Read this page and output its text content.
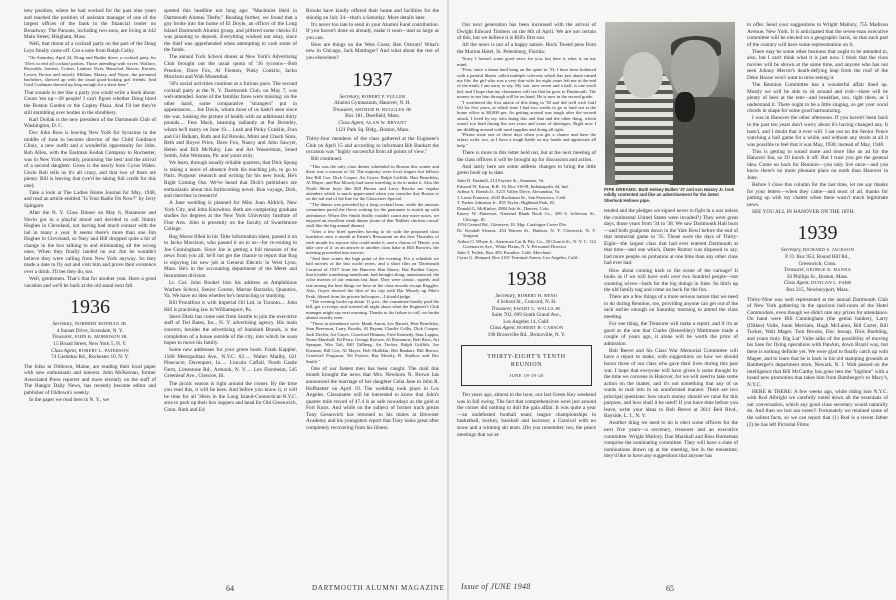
new position, where he had worked for the past nine years and reached the position of assistant manager of one of the largest offices of the bank in the financial center on Broadway. The Parsons, including two sons, are living at 442 Main Street, Hingham, Mass.

Well, that threat of a cocktail party on the part of the Doug Leys finally came off. Got a note from Ralph Colby.

"On Saturday, April 24, Doug and Ruthie threw a cocktail party for '35ers to end all cocktail parties. Those attending with wives: Wallace, Reynolds, Somers, Cotton, Latimer, Dyer, Rauschal, Rosow, Korsen, Lovett, Brown and myself, Millane, Mazzy, and Nayer, the perennial bachelors, showed up with the usual good-looking girl friends. And Gard Cushman showed up long enough for a short beer."

That sounds to me like a party you could write a book about. Count 'em up—30 people! I can't figure whether Doug hired the Boston Garden or the Copley Plaza. And I'll bet they're still stumbling over bodies in the shrubbery.

Karl Dollak is the new president of the Dartmouth Club of Washington, D. C.

Doc John Ross is leaving New York for Syracuse in the middle of June to become director of the Child Guidance Clinic, a new outfit and a wonderful opportunity for John. Bob Allen, with the Eastman Kodak Company in Rochester, was in New York recently, promising 'the best' and the arrival of a second daughter. Gross is the newly born Cyrus Wales. Uncle Bob tells us it's all crazy, and that two of them are plenty. Bill is leaving that (we'd be taking full credit for this one).

Take a look at The Ladies Home Journal for May, 1948, and read an article entitled "Is Your Radio On Now?" by Jerry Spingarn.

After the N. Y. Class Dinner on May 6, Naramore and Nevin got in a playful mood and decided to call Jimmy Hughes in Cleveland, not having had much contact with the lad in many a year. It seems there's more than one Jim Hughes in Cleveland, so Nary and Bill dropped quite a bit of change in the box talking to and eliminating all the wrong ones. When they finally landed on our Jim he wouldn't believe they were calling from New York anyway. So they made a date to fly out and visit him and prove their existence over a drink. I'll bet they do, too.

Well, gentlemen. That's that for another year. Have a good vacation and we'll be back at the old stand next fall.

1936
Secretary, NORBERT HOFMAN JR.
4 Sunset Drive, Scarsdale, N. Y.
Treasurer, JOHN K. MORRISON JR.
15 Broad Street, New York 5, N. Y.
Class Agent, ROBERT L. PATERSON
74 Castlebar Rd., Rochester 10, N. Y.

The folks in Oldtown, Maine, are reading their local paper with new enthusiasm and interest. John McKernan, former Associated Press reporter and more recently on the staff of The Bangor Daily News, has recently become editor and publisher of Oldtown's weekly.

In the paper we read here in N. Y., we

spotted this headline not long ago: "Machinist Held in Dartmouth Alumni Thefts." Reading further, we found that a guy broke into the home of El Doyle, an officer of the Long Island Dartmouth Alumni group, and pilfered some checks El was planning to deposit. Everything worked out okay, since the thief was apprehended when attempting to cash some of the funds.

The annual Tuck School dinner at New York's Advertising Club brought out the usual quota of '36 tycoons—Bob Prentice, Dave Fox, Al Flonton, Pinky Conklin, Jacko Morrison and Walt Mosenthal.

'36's social activities continue at a furious pace. The second cocktail party at the N. Y. Dartmouth Club, on May 7, was well-attended. Some of the familiar faces were missing; on the other hand, some comparative "strangers" put in appearances.... Joe Davis, whom most of us hadn't seen since the war, looking the picture of health with an additional thirty pounds.... Fess Mack, beaming radiantly at Pat Bromley, whom he'll marry on June 19.... Leah and Pinky Conklin, Fran and Gil Balkam, Ruth and Ed Brooks, Mimi and Chuck Sims, Beth and Boyce Price, Dave Fox, Nancy and John Sawyer, Helen and Bill McNulty, Lee and Art Wasserman, Smed Smith, John Weisman, Pic and yours truly.

We learn, through usually reliable quarters, that Dick Spong is taking a leave of absence from his teaching job, to go to Paris. Purpose: research and writing for his new book, He's Right Coming Out. We've heard that Dick's publishers are enthusiastic about this forthcoming novel. Bon voyage, Dick, and cherchez la research!

A June wedding is planned for Miss Joan Aldrich, New York City, and John Knowlton. Both are completing graduate studies for degrees at the New York University Institute of Fine Arts. John is presently on the faculty of Swarthmore College.

Rog Morse filled in his Tithe information sheet, passed it on to Jacko Morrison, who passed it on to us—for re-routing to Joe Cunningham. Since Joe is getting a full measure of the news from you all, he'll not get the chance to report that Rog is enjoying his new job at General Electric in West Lynn, Mass. He's in the accounting department of the Meter and Instrument division.

Lt. Col. John Bouker lists his address as Amphibious Warfare School, Senior Course, Marine Barracks, Quantico, Va. We have no idea whether he's instructing or studying.

Bill Proudfoot is with Imperial Oil Ltd. in Toronto.... John Hill is practising law in Williamsport, Pa.

Steve Dietz has come east from Seattle to join the executive staff of Ted Bates, Inc., N. Y. advertising agency. His main concern, besides the advertising of Standard Brands, is the completion of a house outside of the city, into which he soon hopes to move his family.

Some new addresses for your green book: Frank Kappler, 1568 Metropolitan Ave., N.Y.C. 62..... Walter Mailby, 621 Pinecacre, Davenport, Ia..... Lincoln Caffall, North Castle Farm, Limestone Rd., Armonk, N. Y..... Len Florsheim, 545 Greenleaf Ave., Glencoe, Ill.

The picnic season is right around the corner. By the time you read this, it will be here. And before you know it, it will be time for all '36ers in the Long Island-Connecticut-N.Y.C. area to pack up their box suppers and head for Old Greenwich, Conn. Ruth and Ed

Brooks have kindly offered their home and facilities for the shindig on July 24—that's a Saturday. More details later.

It's never too late to send in your Alumni Fund contribution. If you haven't done so already, make it soon—and as large as you can.

How are things on the West Coast, Ren Ostrom? What's new in Chicago, Jack Mattinger? And what about the rest of you elsewhere?

1937
Secretary, ROBERT P. FULLER
Alumni Gymnasium, Hanover, N. H.
Treasurer, ARTHUR H. RUGGLES JR.
Box 181, Deerfield, Mass.
Class Agent, ALAN W. BRYANT
1121 Park Sq. Bldg., Boston, Mass.

Thirty-four members of the class gathered at the Engineer's Club on April 15 and according to informant Bib Bankart the occasion was "highly successful from all points of view."

Bib continued.

"This was the only class dinner scheduled in Boston this winter and there was a turnout of 34. The majority were local singers but fellows like Bill Coe, Dick Cooper, Art Guyer, Ralph Griffith, Hart Beardsley, Al Mayer, and Bar Mosely had some traveling to do to make it. Also the North Shore boys like Bill Brown and Larry Brooks are regular attenders which is much appreciated when you consider that Boston is on the tail end of the line for the Gloucester Special.

"The dinner was preceded by a long cocktail hour, while the anxious committee paced the floors waiting for the guarantee to match up with attendance. When Dec Smith finally couldn't count any more noses, we enjoyed an excellent steak dinner (none of that 'Rubber chicken circuit' stuff like the big annual dinner).

"After a few brief speeches having to do with the proposed class luncheon once a month at Patten's Restaurant on the first Thursday of each month for anyone who could make it, and a chorus of 'Harter, you take care of it' as an answer to another class bake at Bill Brown's, the meeting proceeded into movies.

"And here comes the high point of the evening. For a schedule we had movies of the last world series, and a short film on 'Dartmouth Carnival of 1937' from the Hanover film library. But Brother Guyer, that lovable wandering mendicant, had brought along, unannounced, the color movies of our reunion last June. They were classic, superb, and rate among the best things we have in the class records except Ruggles. Also, Guyer showed the film of his trip with Bar Mosely up Pike's Peak, filmed from his private helicopter—I should judge.

"The evening broke up about 11 p.m., the committee hastily paid the bill, got a receipt, and worried all night about what the Engineer's Club manager might say next morning. Thanks to his failure to call, we broke almost exactly even.

"Those in attendance were: Monk Amon, Les Barrett, Hart Beardsley, Stan Berenson, Larry Brooks, Al Bryant, Charlie Collis, Dick Cooper, Jack Devlin, Art Guyer, Crawford Hinman, Fred Kennedy, Stan Lappin, Norm Marshall, Ed Perry, George Roewer, Al Romanow, Bob Ross, Art Sprague, Win Taft, Bill Tallberg, Art Tucker, Ralph Griffith, Joe Kiernan, Bill Coe, Al Mayer, Bob Mullikin, Bib Bankart, Bill Brown, Crawford Ferguson, Tel Frazier, Bar Mosely, R. Shallow and Dec Smith."

One of our fastest men has been caught. The mail this month brought the news that Mrs. Newborn N. Brown has announced the marriage of her daughter Celia Jane to John R. Hoffstetter on April 19. The wedding took place in Los Angeles. Classmates will be interested to know that John's quarter mile record of 47.4 is as safe nowadays as the gold at Fort Knox. And while on the subject of former track greats Tony Gesnovich has returned to his duties at Brewster Academy and his youngsters report that Tony looks great after completely recovering from his illness.

64	DARTMOUTH ALUMNI MAGAZINE

Our next generation has been increased with the arrival of Dwight Edward Timbers on the 8th of April. We are not certain of this, but we believe it is Bill's first son.

All the news is not of a happy nature. Hock Tweed pens from the Marion Hotel, St. Petersburg, Florida:

"Sorry I haven't some good news for you, but here is what is on my mind.

"First, since a damn hard bang on the spine in '33, I have been bothered with a painful illness called multiple sclerosis which has just about ruined my life; the girl who was a very fine wife for eight years left me at the end of the ninth, I am sorry to say. My son, now seven and a half, is one swell kid, and I hope that my classmates will see that he goes to Dartmouth. The money to see him through will be on hand. He is now in the second grade.

"I weathered the first attack of this thing in '38 and did well with Gulf Oil for five years, at which time I had two weeks to go to land out at the home office at $8,000 per. As getting around was tough after the second attack, I lived by my wits doing this and that and the other thing, which wasn't too hard during the war years and years of shortages. Right now I am diddling around with used supplies and doing all right.

"Please write one of these days when you get a chance and have the others write, too, as I have a tough battle on my hands and appreciate all help."

There is more to this letter held out, but at the next meeting of the class officers it will be brought up for discussion and action.

And lastly here are some address changes to bring the little green book up to date.

John D. Dashiell, 214 Fayette St., Staunton, Va.
Edward W. Eaton, R.R. 16, Box 316-B, Indianapolis 44, Ind.
Arthur A. Ebersh Jr., 5215 Valley Drive, Alexandria, Va.
J. Louis Francine, 2645 Buchanan St., San Francisco, Calif.
T. Parker Johnston Jr., 855 Taylor, Highland Park, Ill.
Donald G. McKinley, 2884 Ash St., Denver, Colo.
Emery W. Patterson, National Blank Book Co., 209 S. Jefferson St., Chicago, Ill.
1954 Central Rd., Glenview, Ill. Mgr. Catalogue Cover Div.
Dr. Kendall Stearns, 454 Warren St., Hudson, N. Y. Claverack, N. Y. Surgeon
Arthur G. Whyte Jr., American Car & Fdy. Co., 30 Church St., N. Y. C. 122 Greenacres Ave., White Plains, N. Y. Personnel Director
John T. Follett, Box 459, Paradise, Calif. Merchant
Cyrus G. Shepard, Box 2101 Terminal Annex, Los Angeles, Calif.
1938
Secretary, ROBERT H. RENO
4 School St., Concord, N. H.
Treasurer, EWART G. WALLS JR.
Suite 702, 609 South Grand Ave.,
Los Angeles 14, Calif.
Class Agent, ROBERT H. CARSON
190 Bronxville Rd., Bronxville, N. Y.
THIRTY-EIGHT'S TENTH
REUNION
JUNE 18-19-20

Ten years ago, almost to the hour, our last Green Key weekend was in full swing. The fact that comprehensives were just around the corner did nothing to dull the gala affair. It was quite a year—an undefeated football team; league championships in basketball, hockey, baseball and lacrosse; a Carnival with no snow and a winning ski team. (Do you remember, too, the peace meetings that we at-

PIPE DREAMS: Both Holsey Bullen '37 and son Halsey Jr. look mildly contented and like an advertisement for the latest Sherlock Holmes pipe.

tended and the pledges we signed never to fight in a war unless the continental United States were invaded?) They were great days, those years from '34 to '38. We saw Dartmouth Hall burn—and both goalposts down in the Yale Bowl before the end of that memorial game in '35. Those were the days of Thirty-Eight—the largest class that had ever entered Dartmouth at that time—and one which, Dame Rumor was disposed to say, had more people on probation at one time than any other class had ever had.

How about coming back to the scene of the carnage? It looks as if we will have well over two hundred people—not counting wives—back for the big doings in June. So hitch up the old family nag and come on back for the fun.

There are a few things of a more serious nature that we need to do during Reunion, too, providing anyone can get out of the sack earlier enough on Saturday morning to attend the class meeting.

For one thing, the Treasurer will make a report, and if it's as good as the one that Clarke (Beneshley) Mattimore made a couple of years ago, it alone will be worth the price of admission.

Bob Reeve and his Class War Memorial Committee will have a report to make, with suggestions on how we should honor those of our class who gave their lives during this past war. I hope that everyone will have given it some thought by the time we convene in Hanover, for we will need to take some action on the matter, and it's not something that any of us wants to rush into in an uninformed manner. There are two principal questions: how much money should we raise for this purpose, and how shall it be used? If you have time before you leave, write your ideas to Bob Reeve at 3611 Bell Blvd., Bayside, L. I., N. Y.

Another thing we need to do is elect some officers for the next five years—a secretary, treasurer and an executive committee. Wright Mallory, Dan Marshall and Ross Borneman comprise the nominating committee. They will have a slate of nominations drawn up at the meeting, but in the meantime, they'd like to have any suggestions that anyone has

to offer. Send your suggestions to Wright Mallory, 755 Madison Avenue, New York. It is anticipated that the seven-man executive committee will be elected on a geographic basis, so that each part of the country will have some representation on it.

There may be some other business that ought to be attended to, also, but I can't think what it is just now. I think that the class movies will be shown at the same time, and anyone who has not seen Johnny Mercer's death-defying leap from the roof of the Deke House won't want to miss seeing it.

The Reunion Committee has a wonderful affair lined up. Mostly we will be able to sit around and visit—there will be plenty of beer at the tent—and breakfast, too, right there, as I understand it. There ought to be a little singing, so get your vocal chords in shape for some good harmonizing.

I was in Hanover the other afternoon. If you haven't been back in the past ten years don't worry about it's having changed any. It hasn't, and I doubt that it ever will. I sat out on the Senior Fence watching a ball game for a while, and without any strain at all it was possible to feel that it was May, 1938, instead of May, 1948.

This is getting to sound more and more like an ad for the Hanover Inn, so I'll knock it off. But I trust you get the general idea. Come on back for Reunion—you only live once—and you know there's no more pleasant place on earth than Hanover in June.

Before I close this column for the last time, let me say thanks for your letters—when they came—and most of all, thanks for putting up with my chatter when there wasn't much legitimate news.

SEE YOU ALL IN HANOVER ON THE 18TH.

1939
Secretary, RICHARD S. JACKSON
P. O. Box 953, Round Hill Rd.,
Greenwich, Conn.
Treasurer, GEORGE K. HANNA
50 Phillips St., Boston, Mass.
Class Agent, DUNCAN L. FARR
Box 215, Newburyport, Mass.

Thirty-Nine was well represented at the annual Dartmouth Club of New York gathering in the spacious ball-room of the Hotel Commodore, even though we didn't rate any prizes for attendance. On hand were Bill Cunningham (the genial banker), Larry (Dilkes) Vulte, Junie Merriam, Hugh McLaren, Bill Carter, Bill Tucker, Walt Mager, Tom Brooks, Doc Jessup, Dick Ruebling, and yours truly. Big Lar' Vulte talks of the possibility of moving his base for flying operations with PanAm, down Brazil way, but there is nothing definite yet. We were glad to finally catch up with Magee, and to learn that he is back in his old stamping grounds at Bamberger's department store, Newark, N. J. Walt passed on the intelligence that Bill McCarthy has gone into the "bigtime" with a brand new promotion that takes him from Bamberger's to Macy's, N.Y.C.

HERE & THERE: A few weeks ago, while riding into N.Y.C. with Rod Albright we carefully noted down all the essentials of our conversation, which any good class secretary would naturally do. And then we lost our notes!! Fortunately we retained some of the salient facts, so we can report that (1) Rod is a recent father (2) he has left Pictorial Films

65
Issue of JUNE 1948
